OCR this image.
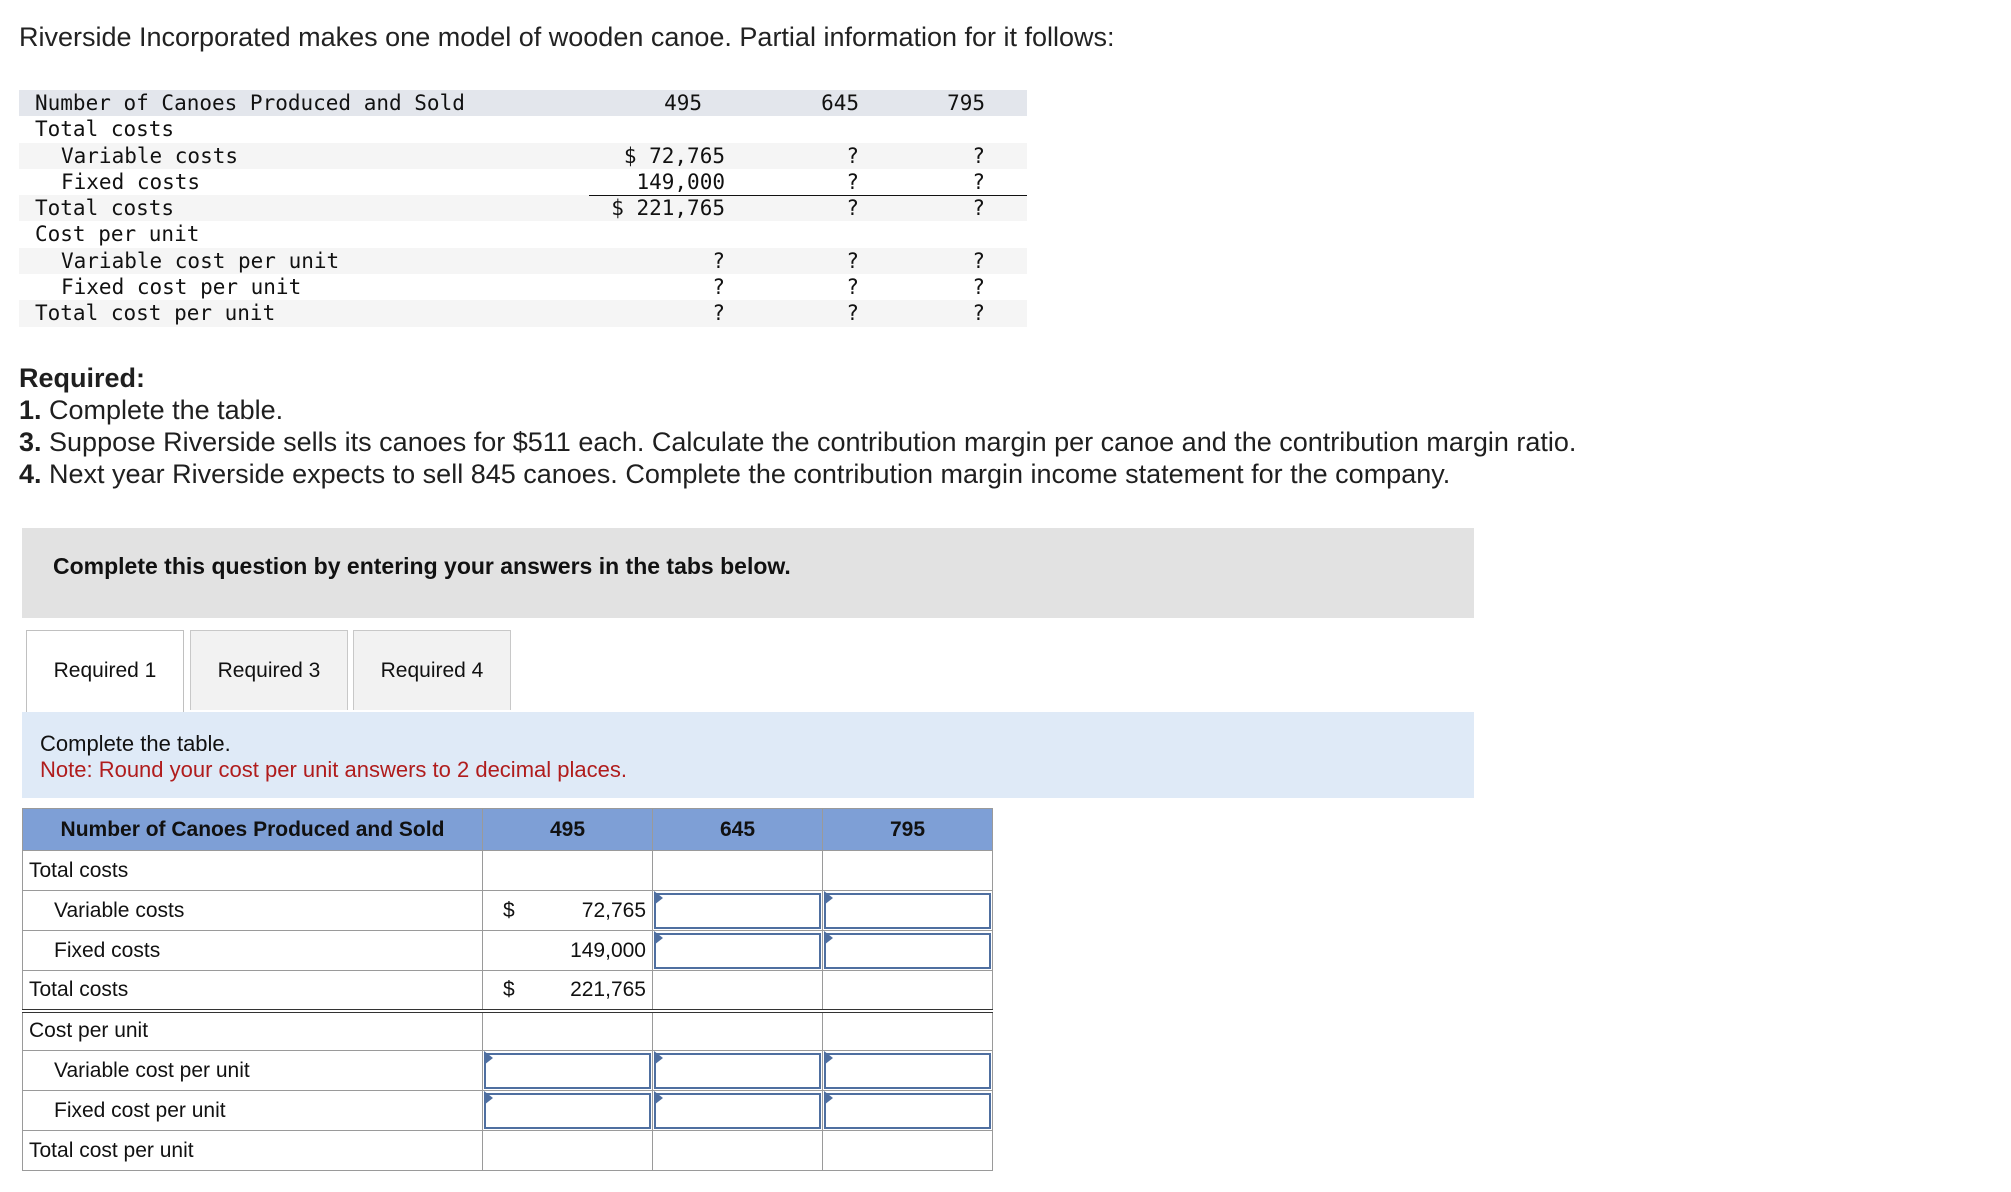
Riverside Incorporated makes one model of wooden canoe. Partial information for it follows:
Number of Canoes Produced and Sold	495	645	795
Total costs
Variable costs	$ 72,765	?	?
Fixed costs	149,000	?	?
Total costs	$ 221,765	?	?
Cost per unit
Variable cost per unit	?	?	?
Fixed cost per unit	?	?	?
Total cost per unit	?	?	?
Required:
1. Complete the table.
3. Suppose Riverside sells its canoes for $511 each. Calculate the contribution margin per canoe and the contribution margin ratio.
4. Next year Riverside expects to sell 845 canoes. Complete the contribution margin income statement for the company.
Complete this question by entering your answers in the tabs below.
Required 1	Required 3	Required 4
Complete the table.
Note: Round your cost per unit answers to 2 decimal places.
Number of Canoes Produced and Sold	495	645	795
Total costs			
Variable costs	$ 72,765		
Fixed costs	149,000		
Total costs	$ 221,765		
Cost per unit			
Variable cost per unit			
Fixed cost per unit			
Total cost per unit			
